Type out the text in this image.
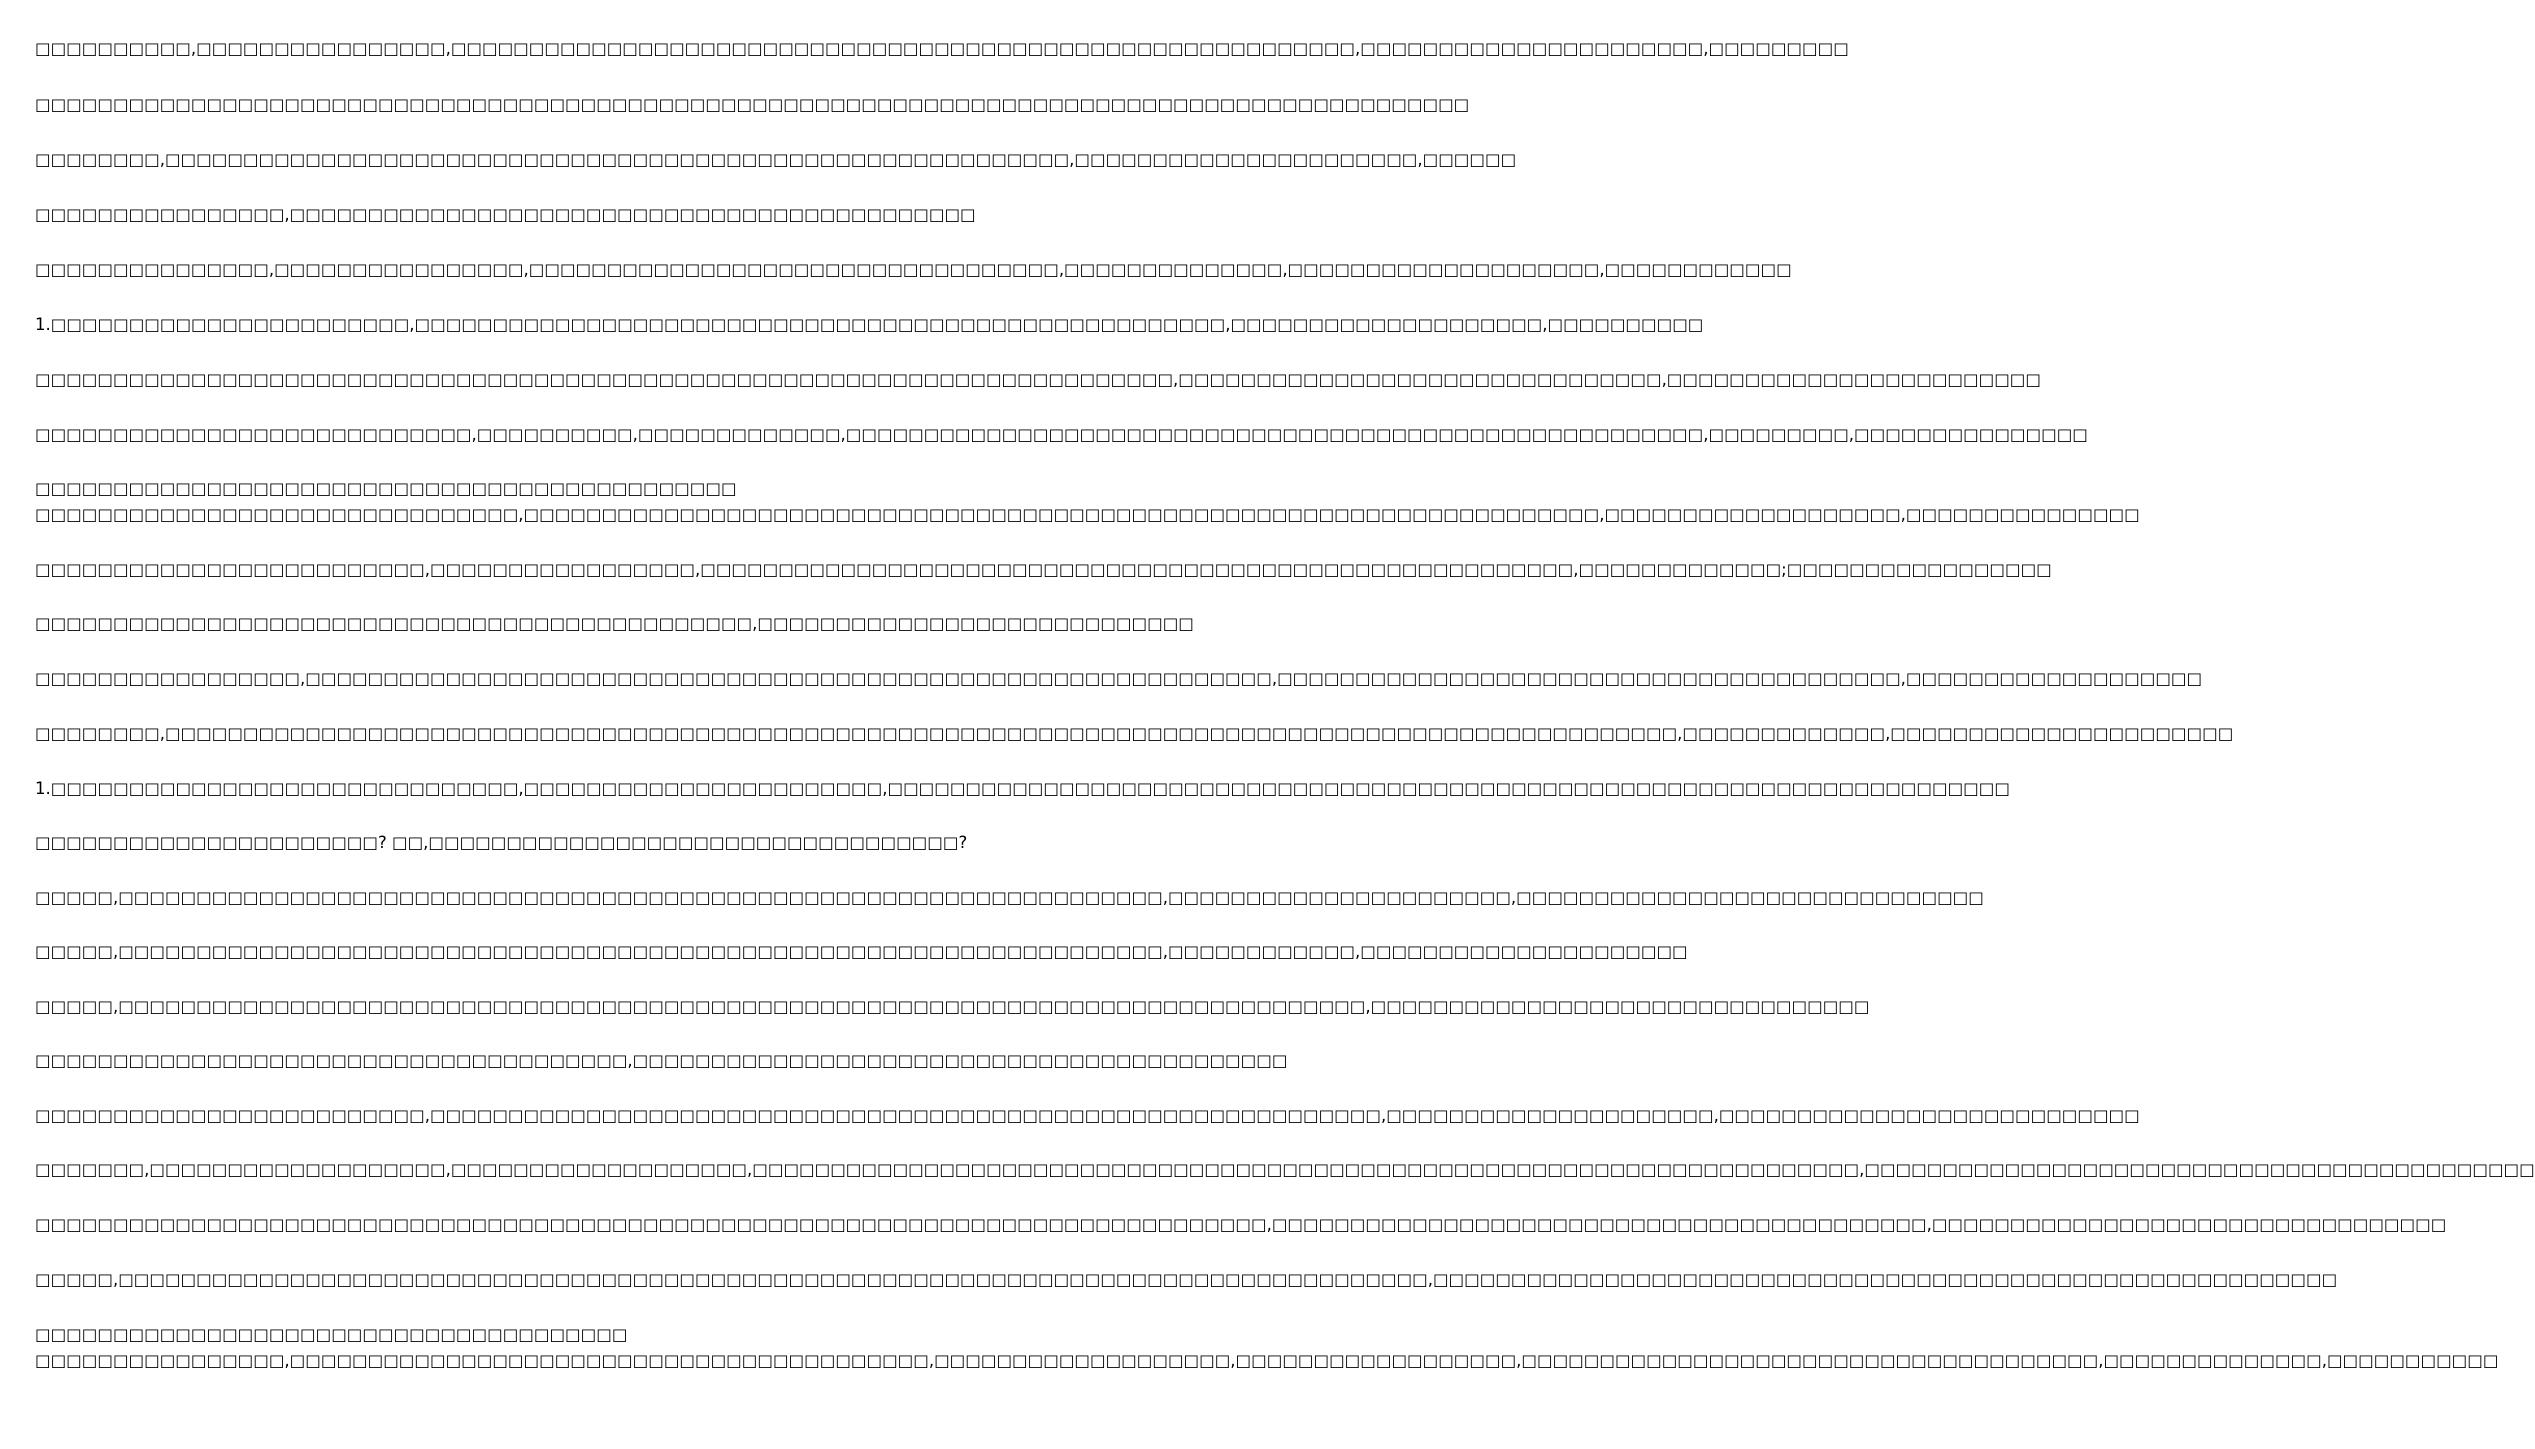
□□□□□□□□□□,□□□□□□□□□□□□□□□□,□□□□□□□□□□□□□□□□□□□□□□□□□□□□□□□□□□□□□□□□□□□□□□□□□□□□□□□□□□,□□□□□□□□□□□□□□□□□□□□□□,□□□□□□□□□
□□□□□□□□□□□□□□□□□□□□□□□□□□□□□□□□□□□□□□□□□□□□□□□□□□□□□□□□□□□□□□□□□□□□□□□□□□□□□□□□□□□□□□□□□□□□
□□□□□□□□,□□□□□□□□□□□□□□□□□□□□□□□□□□□□□□□□□□□□□□□□□□□□□□□□□□□□□□□□□□,□□□□□□□□□□□□□□□□□□□□□□,□□□□□□
□□□□□□□□□□□□□□□□,□□□□□□□□□□□□□□□□□□□□□□□□□□□□□□□□□□□□□□□□□□□□
□□□□□□□□□□□□□□□,□□□□□□□□□□□□□□□□,□□□□□□□□□□□□□□□□□□□□□□□□□□□□□□□□□□,□□□□□□□□□□□□□□,□□□□□□□□□□□□□□□□□□□□,□□□□□□□□□□□□
1.□□□□□□□□□□□□□□□□□□□□□□□,□□□□□□□□□□□□□□□□□□□□□□□□□□□□□□□□□□□□□□□□□□□□□□□□□□□□,□□□□□□□□□□□□□□□□□□□□,□□□□□□□□□□
□□□□□□□□□□□□□□□□□□□□□□□□□□□□□□□□□□□□□□□□□□□□□□□□□□□□□□□□□□□□□□□□□□□□□□□□□,□□□□□□□□□□□□□□□□□□□□□□□□□□□□□□□,□□□□□□□□□□□□□□□□□□□□□□□□
□□□□□□□□□□□□□□□□□□□□□□□□□□□□,□□□□□□□□□□,□□□□□□□□□□□□□,□□□□□□□□□□□□□□□□□□□□□□□□□□□□□□□□□□□□□□□□□□□□□□□□□□□□□□□,□□□□□□□□□,□□□□□□□□□□□□□□□
□□□□□□□□□□□□□□□□□□□□□□□□□□□□□□□□□□□□□□□□□□□□□
□□□□□□□□□□□□□□□□□□□□□□□□□□□□□□□,□□□□□□□□□□□□□□□□□□□□□□□□□□□□□□□□□□□□□□□□□□□□□□□□□□□□□□□□□□□□□□□□□□□□□,□□□□□□□□□□□□□□□□□□□,□□□□□□□□□□□□□□□
□□□□□□□□□□□□□□□□□□□□□□□□□,□□□□□□□□□□□□□□□□□,□□□□□□□□□□□□□□□□□□□□□□□□□□□□□□□□□□□□□□□□□□□□□□□□□□□□□□□□,□□□□□□□□□□□□□;□□□□□□□□□□□□□□□□□
□□□□□□□□□□□□□□□□□□□□□□□□□□□□□□□□□□□□□□□□□□□□□□,□□□□□□□□□□□□□□□□□□□□□□□□□□□□
□□□□□□□□□□□□□□□□□,□□□□□□□□□□□□□□□□□□□□□□□□□□□□□□□□□□□□□□□□□□□□□□□□□□□□□□□□□□□□□□,□□□□□□□□□□□□□□□□□□□□□□□□□□□□□□□□□□□□□□□□,□□□□□□□□□□□□□□□□□□□
□□□□□□□□,□□□□□□□□□□□□□□□□□□□□□□□□□□□□□□□□□□□□□□□□□□□□□□□□□□□□□□□□□□□□□□□□□□□□□□□□□□□□□□□□□□□□□□□□□□□□□□□□□,□□□□□□□□□□□□□,□□□□□□□□□□□□□□□□□□□□□□
1.□□□□□□□□□□□□□□□□□□□□□□□□□□□□□□,□□□□□□□□□□□□□□□□□□□□□□□,□□□□□□□□□□□□□□□□□□□□□□□□□□□□□□□□□□□□□□□□□□□□□□□□□□□□□□□□□□□□□□□□□□□□□□□□
□□□□□□□□□□□□□□□□□□□□□□? □□,□□□□□□□□□□□□□□□□□□□□□□□□□□□□□□□□□□?
□□□□□,□□□□□□□□□□□□□□□□□□□□□□□□□□□□□□□□□□□□□□□□□□□□□□□□□□□□□□□□□□□□□□□□□□□,□□□□□□□□□□□□□□□□□□□□□□,□□□□□□□□□□□□□□□□□□□□□□□□□□□□□□
□□□□□,□□□□□□□□□□□□□□□□□□□□□□□□□□□□□□□□□□□□□□□□□□□□□□□□□□□□□□□□□□□□□□□□□□□,□□□□□□□□□□□□,□□□□□□□□□□□□□□□□□□□□□
□□□□□,□□□□□□□□□□□□□□□□□□□□□□□□□□□□□□□□□□□□□□□□□□□□□□□□□□□□□□□□□□□□□□□□□□□□□□□□□□□□□□□□,□□□□□□□□□□□□□□□□□□□□□□□□□□□□□□□□
□□□□□□□□□□□□□□□□□□□□□□□□□□□□□□□□□□□□□□,□□□□□□□□□□□□□□□□□□□□□□□□□□□□□□□□□□□□□□□□□□
□□□□□□□□□□□□□□□□□□□□□□□□□,□□□□□□□□□□□□□□□□□□□□□□□□□□□□□□□□□□□□□□□□□□□□□□□□□□□□□□□□□□□□□,□□□□□□□□□□□□□□□□□□□□□,□□□□□□□□□□□□□□□□□□□□□□□□□□□
□□□□□□□,□□□□□□□□□□□□□□□□□□□,□□□□□□□□□□□□□□□□□□□,□□□□□□□□□□□□□□□□□□□□□□□□□□□□□□□□□□□□□□□□□□□□□□□□□□□□□□□□□□□□□□□□□□□□□□□,□□□□□□□□□□□□□□□□□□□□□□□□□□□□□□□□□□□□□□□□□□□
□□□□□□□□□□□□□□□□□□□□□□□□□□□□□□□□□□□□□□□□□□□□□□□□□□□□□□□□□□□□□□□□□□□□□□□□□□□□□□□,□□□□□□□□□□□□□□□□□□□□□□□□□□□□□□□□□□□□□□□□□□,□□□□□□□□□□□□□□□□□□□□□□□□□□□□□□□□□
□□□□□,□□□□□□□□□□□□□□□□□□□□□□□□□□□□□□□□□□□□□□□□□□□□□□□□□□□□□□□□□□□□□□□□□□□□□□□□□□□□□□□□□□□□,□□□□□□□□□□□□□□□□□□□□□□□□□□□□□□□□□□□□□□□□□□□□□□□□□□□□□□□□□□
□□□□□□□□□□□□□□□□□□□□□□□□□□□□□□□□□□□□□□
□□□□□□□□□□□□□□□□,□□□□□□□□□□□□□□□□□□□□□□□□□□□□□□□□□□□□□□□□□,□□□□□□□□□□□□□□□□□□□,□□□□□□□□□□□□□□□□□□,□□□□□□□□□□□□□□□□□□□□□□□□□□□□□□□□□□□□□,□□□□□□□□□□□□□□,□□□□□□□□□□□
